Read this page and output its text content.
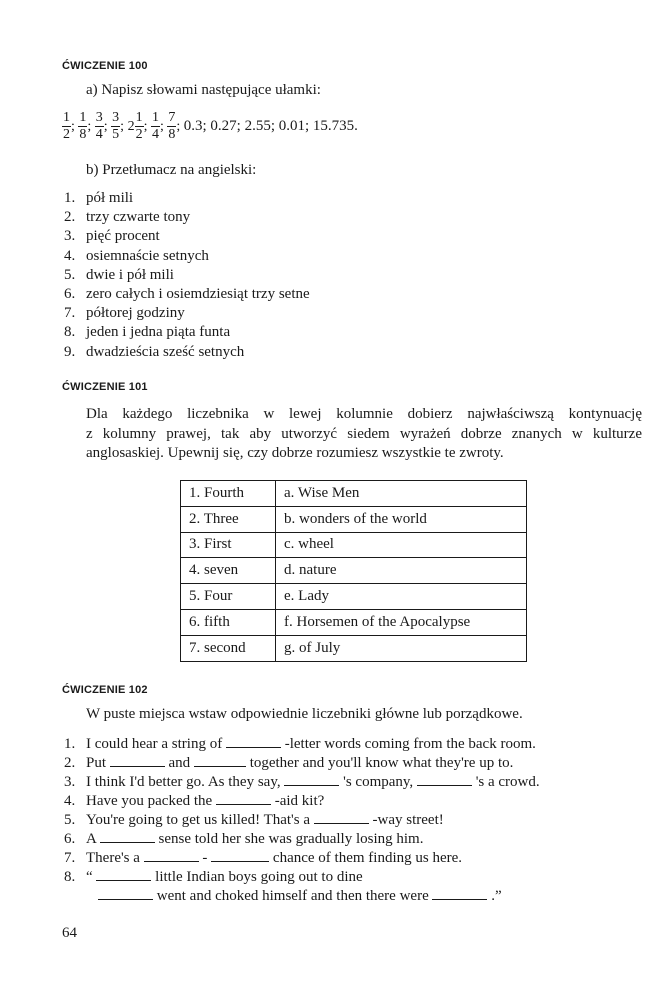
ĆWICZENIE 100
a) Napisz słowami następujące ułamki:
$\frac{1}{2}$ ; $\frac{1}{8}$ ; $\frac{3}{4}$ ; $\frac{3}{5}$ ; $2 \frac{1}{2}$ ; $\frac{1}{4}$ ; $\frac{7}{8}$ ; 0.3; 0.27; 2.55; 0.01; 15.735.
b) Przetłumacz na angielski:
1. pół mili
2. trzy czwarte tony
3. pięć procent
4. osiemnaście setnych
5. dwie i pół mili
6. zero całych i osiemdziesiąt trzy setne
7. półtorej godziny
8. jeden i jedna piąta funta
9. dwadzieścia sześć setnych
ĆWICZENIE 101
Dla każdego liczebnika w lewej kolumnie dobierz najwłaściwszą kontynuację
z kolumny prawej, tak aby utworzyć siedem wyrażeń dobrze znanych w kulturze
anglosaskiej. Upewnij się, czy dobrze rozumiesz wszystkie te zwroty.
1. Fourth	a. Wise Men
2. Three	b. wonders of the world
3. First	c. wheel
4. seven	d. nature
5. Four	e. Lady
6. fifth	f. Horsemen of the Apocalypse
7. second	g. of July
ĆWICZENIE 102
W puste miejsca wstaw odpowiednie liczebniki główne lub porządkowe.
1. I could hear a string of	-letter words coming from the back room.
2. Put	and	together and you'll know what they're up to.
3. I think I'd better go. As they say,	's company,	's a crowd.
4. Have you packed the	-aid kit?
5. You're going to get us killed! That's a	-way street!
6. A	sense told her she was gradually losing him.
7. There's a	-	chance of them finding us here.
8. “	little Indian boys going out to dine
went and choked himself and then there were	.”
64
